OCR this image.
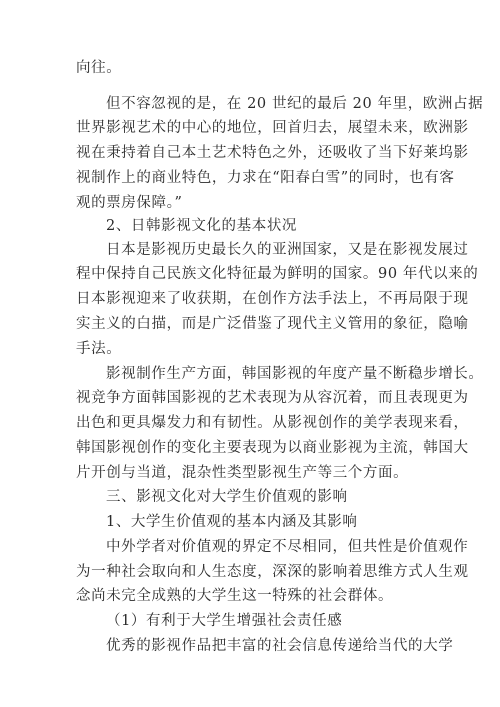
向往。
但不容忽视的是，在 20 世纪的最后 20 年里，欧洲占据
世界影视艺术的中心的地位，回首归去，展望未来，欧洲影
视在秉持着自己本土艺术特色之外，还吸收了当下好莱坞影
视制作上的商业特色，力求在“阳春白雪”的同时，也有客
观的票房保障。”
2、日韩影视文化的基本状况
日本是影视历史最长久的亚洲国家，又是在影视发展过
程中保持自己民族文化特征最为鲜明的国家。90 年代以来的
日本影视迎来了收获期，在创作方法手法上，不再局限于现
实主义的白描，而是广泛借鉴了现代主义管用的象征，隐喻
手法。
影视制作生产方面，韩国影视的年度产量不断稳步增长。
视竞争方面韩国影视的艺术表现为从容沉着，而且表现更为
出色和更具爆发力和有韧性。从影视创作的美学表现来看，
韩国影视创作的变化主要表现为以商业影视为主流，韩国大
片开创与当道，混杂性类型影视生产等三个方面。
三、影视文化对大学生价值观的影响
1、大学生价值观的基本内涵及其影响
中外学者对价值观的界定不尽相同，但共性是价值观作
为一种社会取向和人生态度，深深的影响着思维方式人生观
念尚未完全成熟的大学生这一特殊的社会群体。
（1）有利于大学生增强社会责任感
优秀的影视作品把丰富的社会信息传递给当代的大学
